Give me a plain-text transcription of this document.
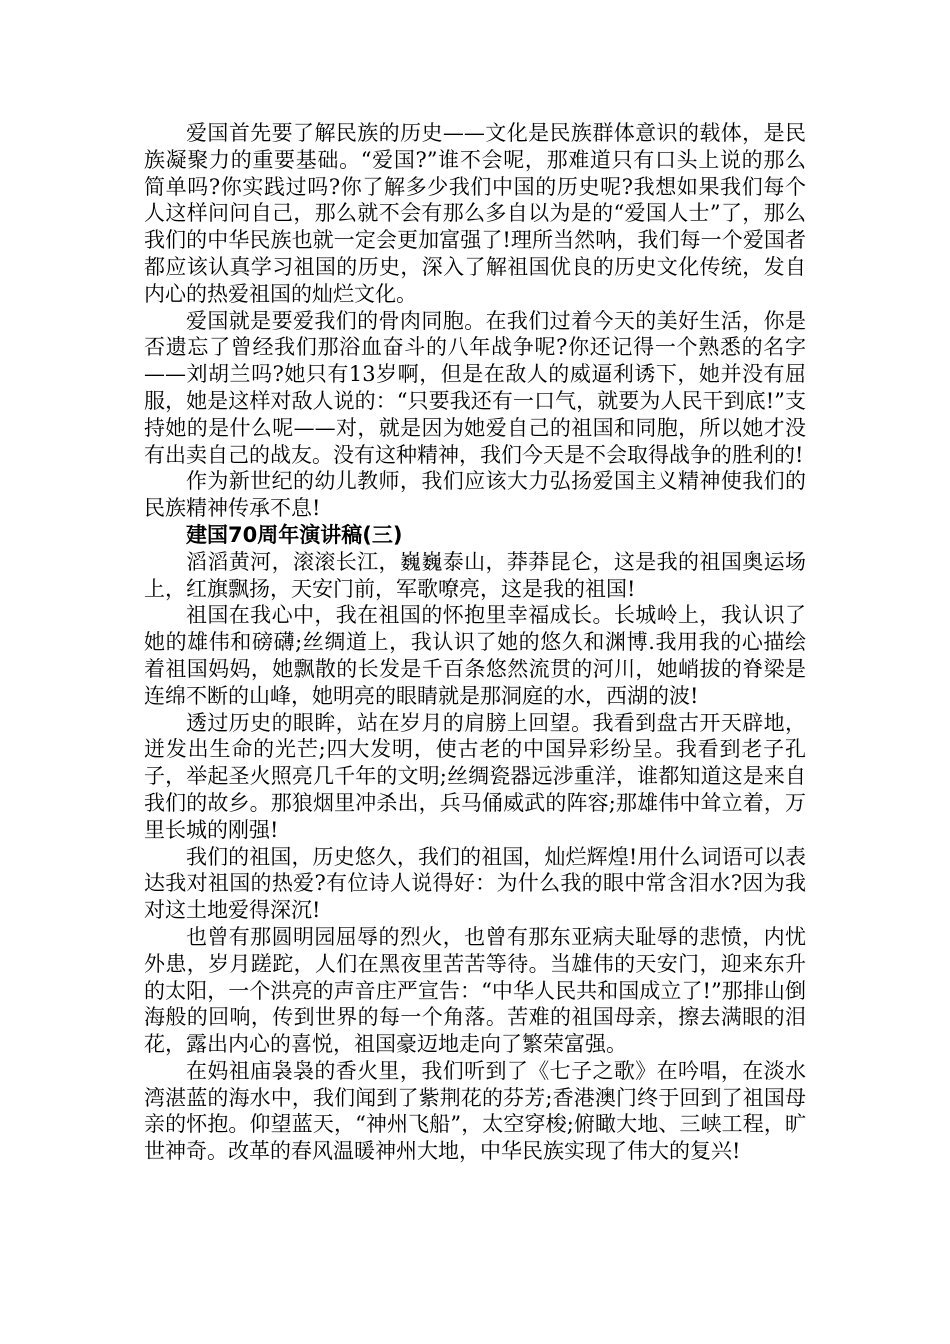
爱国首先要了解民族的历史——文化是民族群体意识的载体，是民族凝聚力的重要基础。“爱国?”谁不会呢，那难道只有口头上说的那么简单吗?你实践过吗?你了解多少我们中国的历史呢?我想如果我们每个人这样问问自己，那么就不会有那么多自以为是的“爱国人士”了，那么我们的中华民族也就一定会更加富强了!理所当然呐，我们每一个爱国者都应该认真学习祖国的历史，深入了解祖国优良的历史文化传统，发自内心的热爱祖国的灿烂文化。

爱国就是要爱我们的骨肉同胞。在我们过着今天的美好生活，你是否遗忘了曾经我们那浴血奋斗的八年战争呢?你还记得一个熟悉的名字——刘胡兰吗?她只有13岁啊，但是在敌人的威逼利诱下，她并没有屈服，她是这样对敌人说的：“只要我还有一口气，就要为人民干到底!”支持她的是什么呢——对，就是因为她爱自己的祖国和同胞，所以她才没有出卖自己的战友。没有这种精神，我们今天是不会取得战争的胜利的!

作为新世纪的幼儿教师，我们应该大力弘扬爱国主义精神使我们的民族精神传承不息!

建国70周年演讲稿(三)

滔滔黄河，滚滚长江，巍巍泰山，莽莽昆仑，这是我的祖国奥运场上，红旗飘扬，天安门前，军歌嘹亮，这是我的祖国!

祖国在我心中，我在祖国的怀抱里幸福成长。长城岭上，我认识了她的雄伟和磅礴;丝绸道上，我认识了她的悠久和渊博.我用我的心描绘着祖国妈妈，她飘散的长发是千百条悠然流贯的河川，她峭拔的脊梁是连绵不断的山峰，她明亮的眼睛就是那洞庭的水，西湖的波!

透过历史的眼眸，站在岁月的肩膀上回望。我看到盘古开天辟地，迸发出生命的光芒;四大发明，使古老的中国异彩纷呈。我看到老子孔子，举起圣火照亮几千年的文明;丝绸瓷器远涉重洋，谁都知道这是来自我们的故乡。那狼烟里冲杀出，兵马俑威武的阵容;那雄伟中耸立着，万里长城的刚强!

我们的祖国，历史悠久，我们的祖国，灿烂辉煌!用什么词语可以表达我对祖国的热爱?有位诗人说得好：为什么我的眼中常含泪水?因为我对这土地爱得深沉!

也曾有那圆明园屈辱的烈火，也曾有那东亚病夫耻辱的悲愤，内忧外患，岁月蹉跎，人们在黑夜里苦苦等待。当雄伟的天安门，迎来东升的太阳，一个洪亮的声音庄严宣告：“中华人民共和国成立了!”那排山倒海般的回响，传到世界的每一个角落。苦难的祖国母亲，擦去满眼的泪花，露出内心的喜悦，祖国豪迈地走向了繁荣富强。

在妈祖庙袅袅的香火里，我们听到了《七子之歌》在吟唱，在淡水湾湛蓝的海水中，我们闻到了紫荆花的芬芳;香港澳门终于回到了祖国母亲的怀抱。仰望蓝天，“神州飞船”，太空穿梭;俯瞰大地、三峡工程，旷世神奇。改革的春风温暖神州大地，中华民族实现了伟大的复兴!
